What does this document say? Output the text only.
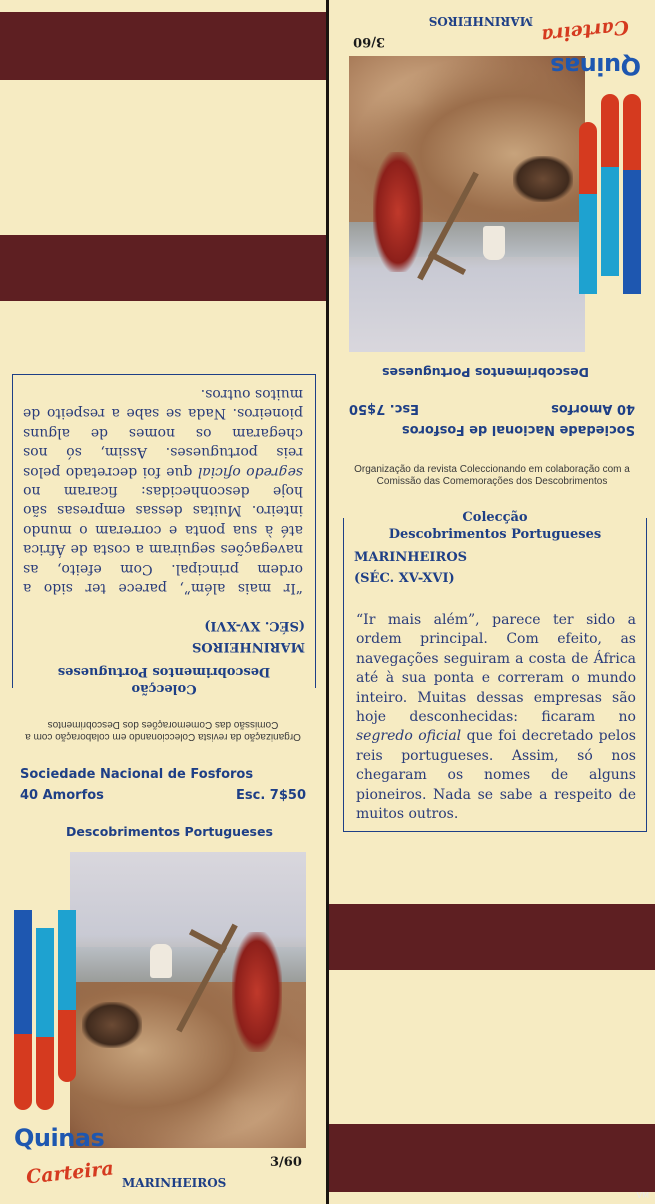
Organização da revista Coleccionando em colaboração com a
Comissão das Comemorações dos Descobrimentos
Colecção
Descobrimentos Portugueses
MARINHEIROS
(SÉC. XV-XVI)
“Ir mais além”, parece ter sido a ordem principal. Com efeito, as navegações seguiram a costa de África até à sua ponta e correram o mundo inteiro. Muitas dessas empresas são hoje desconhecidas: ficaram no segredo oficial que foi decretado pelos reis portugueses. Assim, só nos chegaram os nomes de alguns pioneiros. Nada se sabe a respeito de muitos outros.
Sociedade Nacional de Fosforos
40 Amorfos	Esc. 7$50
Descobrimentos Portugueses
Quinas
Carteira	3/60
MARINHEIROS
Sociedade Nacional de Fosforos
40 Amorfos
Esc. 7$50
Descobrimentos Portugueses
Quinas
Carteira
3/60
MARINHEIROS
Organização da revista Coleccionando em colaboração com a
Comissão das Comemorações dos Descobrimentos
Colecção
Descobrimentos Portugueses
MARINHEIROS
(SÉC. XV-XVI)
“Ir mais além”, parece ter sido a ordem principal. Com efeito, as navegações seguiram a costa de África até à sua ponta e correram o mundo inteiro. Muitas dessas empresas são hoje desconhecidas: ficaram no segredo oficial que foi decretado pelos reis portugueses. Assim, só nos chegaram os nomes de alguns pioneiros. Nada se sabe a respeito de muitos outros.
VM
